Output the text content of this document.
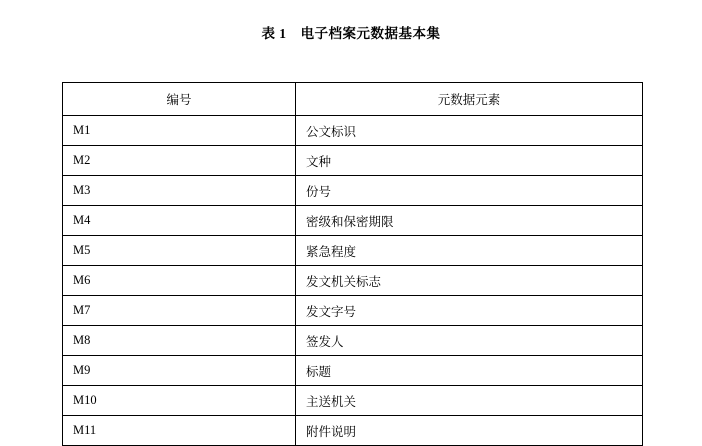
表 1 电子档案元数据基本集
编号	元数据元素
M1	公文标识
M2	文种
M3	份号
M4	密级和保密期限
M5	紧急程度
M6	发文机关标志
M7	发文字号
M8	签发人
M9	标题
M10	主送机关
M11	附件说明
